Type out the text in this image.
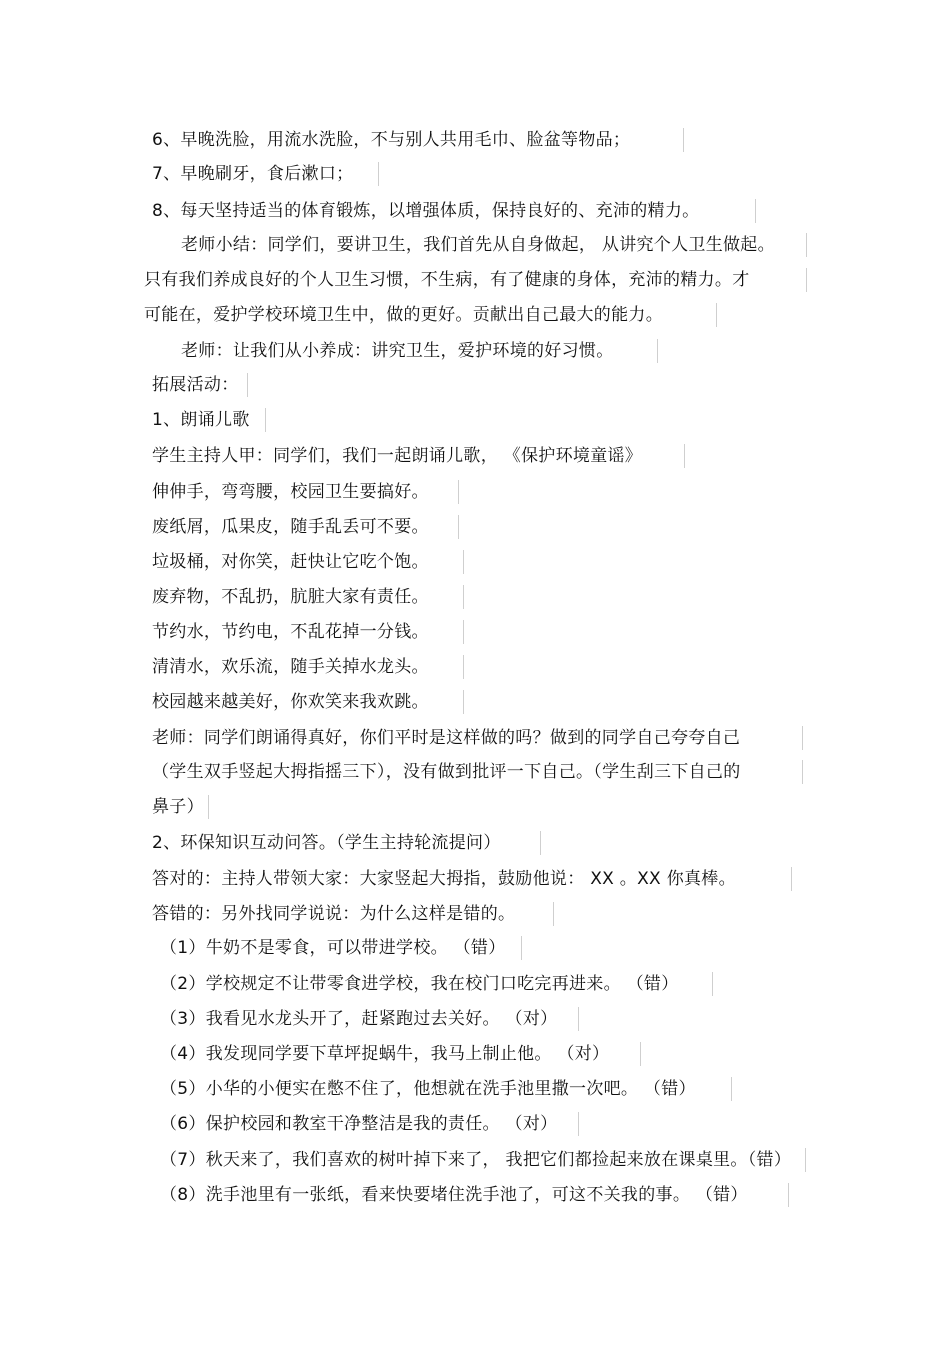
6、早晚洗脸，用流水洗脸，不与别人共用毛巾、脸盆等物品；
7、早晚刷牙，食后漱口；
8、每天坚持适当的体育锻炼，以增强体质，保持良好的、充沛的精力。
老师小结：同学们，要讲卫生，我们首先从自身做起， 从讲究个人卫生做起。
只有我们养成良好的个人卫生习惯，不生病，有了健康的身体，充沛的精力。才
可能在，爱护学校环境卫生中，做的更好。贡献出自己最大的能力。
老师：让我们从小养成：讲究卫生，爱护环境的好习惯。
拓展活动：
1、朗诵儿歌
学生主持人甲：同学们，我们一起朗诵儿歌， 《保护环境童谣》
伸伸手，弯弯腰，校园卫生要搞好。
废纸屑，瓜果皮，随手乱丢可不要。
垃圾桶，对你笑，赶快让它吃个饱。
废弃物，不乱扔，肮脏大家有责任。
节约水，节约电，不乱花掉一分钱。
清清水，欢乐流，随手关掉水龙头。
校园越来越美好，你欢笑来我欢跳。
老师：同学们朗诵得真好，你们平时是这样做的吗？做到的同学自己夸夸自己
（学生双手竖起大拇指摇三下），没有做到批评一下自己。（学生刮三下自己的
鼻子）
2、环保知识互动问答。（学生主持轮流提问）
答对的：主持人带领大家：大家竖起大拇指，鼓励他说： XX 。XX 你真棒。
答错的：另外找同学说说：为什么这样是错的。
（1）牛奶不是零食，可以带进学校。 （错）
（2）学校规定不让带零食进学校，我在校门口吃完再进来。 （错）
（3）我看见水龙头开了，赶紧跑过去关好。 （对）
（4）我发现同学要下草坪捉蜗牛，我马上制止他。 （对）
（5）小华的小便实在憋不住了，他想就在洗手池里撒一次吧。 （错）
（6）保护校园和教室干净整洁是我的责任。 （对）
（7）秋天来了，我们喜欢的树叶掉下来了， 我把它们都捡起来放在课桌里。（错）
（8）洗手池里有一张纸，看来快要堵住洗手池了，可这不关我的事。 （错）
